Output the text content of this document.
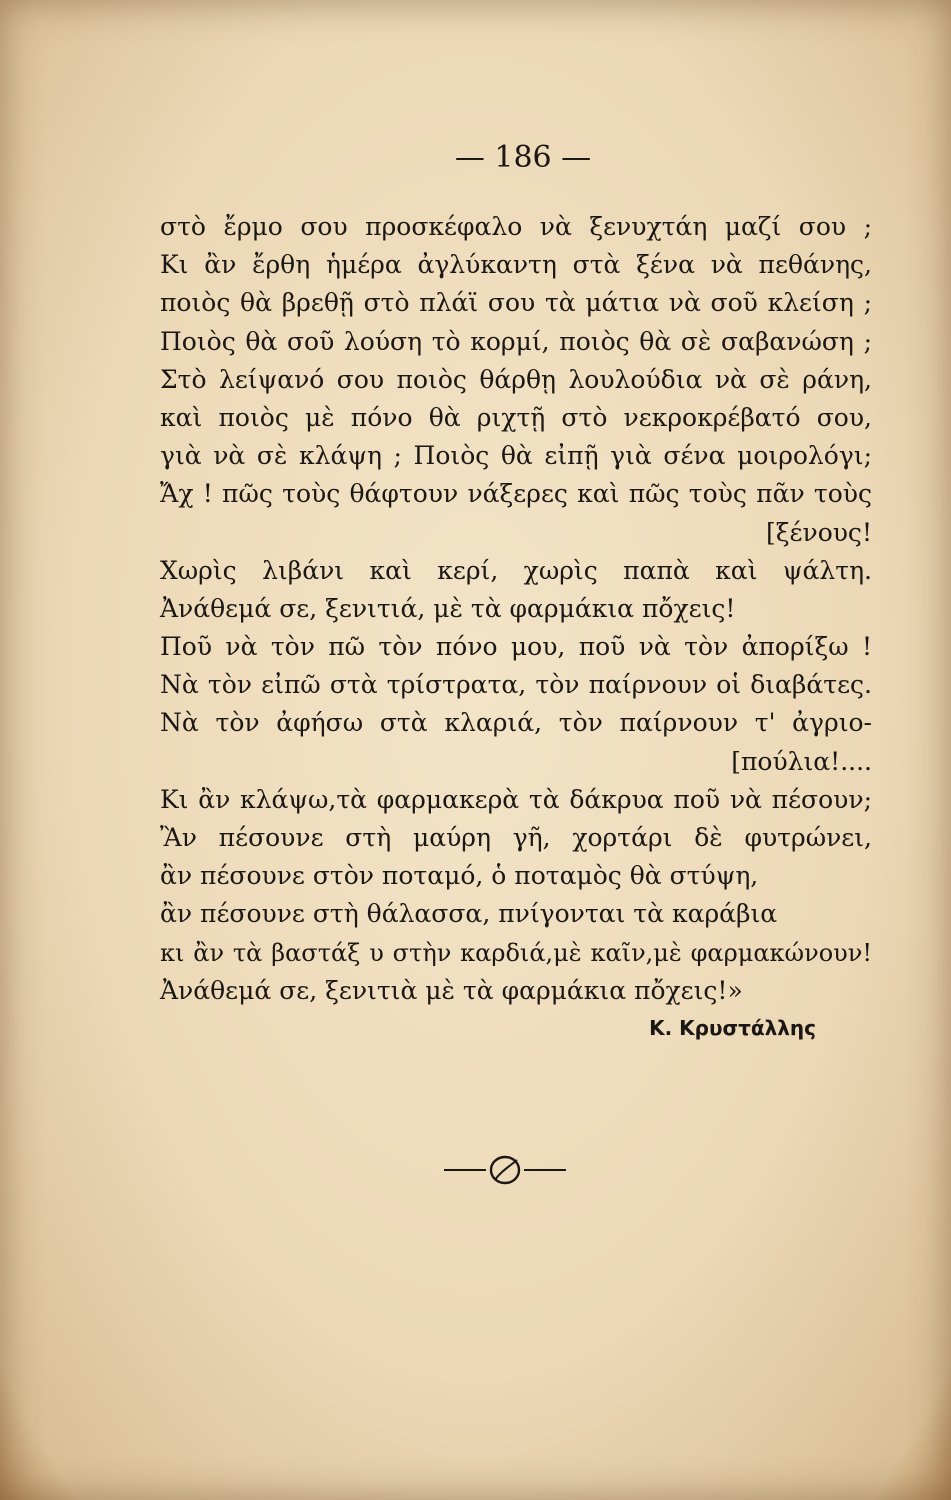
— 186 —
στὸ ἔρμο σου προσκέφαλο νὰ ξενυχτάη μαζί σου ;
Κι ἂν ἔρθη ἡμέρα ἀγλύκαντη στὰ ξένα νὰ πεθάνης,
ποιὸς θὰ βρεθῇ στὸ πλάϊ σου τὰ μάτια νὰ σοῦ κλείση ;
Ποιὸς θὰ σοῦ λούση τὸ κορμί, ποιὸς θὰ σὲ σαβανώση ;
Στὸ λείψανό σου ποιὸς θάρθῃ λουλούδια νὰ σὲ ράνη,
καὶ ποιὸς μὲ πόνο θὰ ριχτῇ στὸ νεκροκρέβατό σου,
γιὰ νὰ σὲ κλάψη ; Ποιὸς θὰ εἰπῇ γιὰ σένα μοιρολόγι;
Ἄχ ! πῶς τοὺς θάφτουν νάξερες καὶ πῶς τοὺς πᾶν τοὺς
[ξένους!
Χωρὶς λιβάνι καὶ κερί, χωρὶς παπὰ καὶ ψάλτη.
Ἀνάθεμά σε, ξενιτιά, μὲ τὰ φαρμάκια πὄχεις!
Ποῦ νὰ τὸν πῶ τὸν πόνο μου, ποῦ νὰ τὸν ἀπορίξω !
Νὰ τὸν εἰπῶ στὰ τρίστρατα, τὸν παίρνουν οἱ διαβάτες.
Νὰ τὸν ἀφήσω στὰ κλαριά, τὸν παίρνουν τ' ἀγριο-
[πούλια!....
Κι ἂν κλάψω,τὰ φαρμακερὰ τὰ δάκρυα ποῦ νὰ πέσουν;
Ἂν πέσουνε στὴ μαύρη γῆ, χορτάρι δὲ φυτρώνει,
ἂν πέσουνε στὸν ποταμό, ὁ ποταμὸς θὰ στύψη,
ἂν πέσουνε στὴ θάλασσα, πνίγονται τὰ καράβια
κι ἂν τὰ βαστάξ υ στὴν καρδιά,μὲ καῖν,μὲ φαρμακώνουν!
Ἀνάθεμά σε, ξενιτιὰ μὲ τὰ φαρμάκια πὄχεις!»
Κ. Κρυστάλλης
